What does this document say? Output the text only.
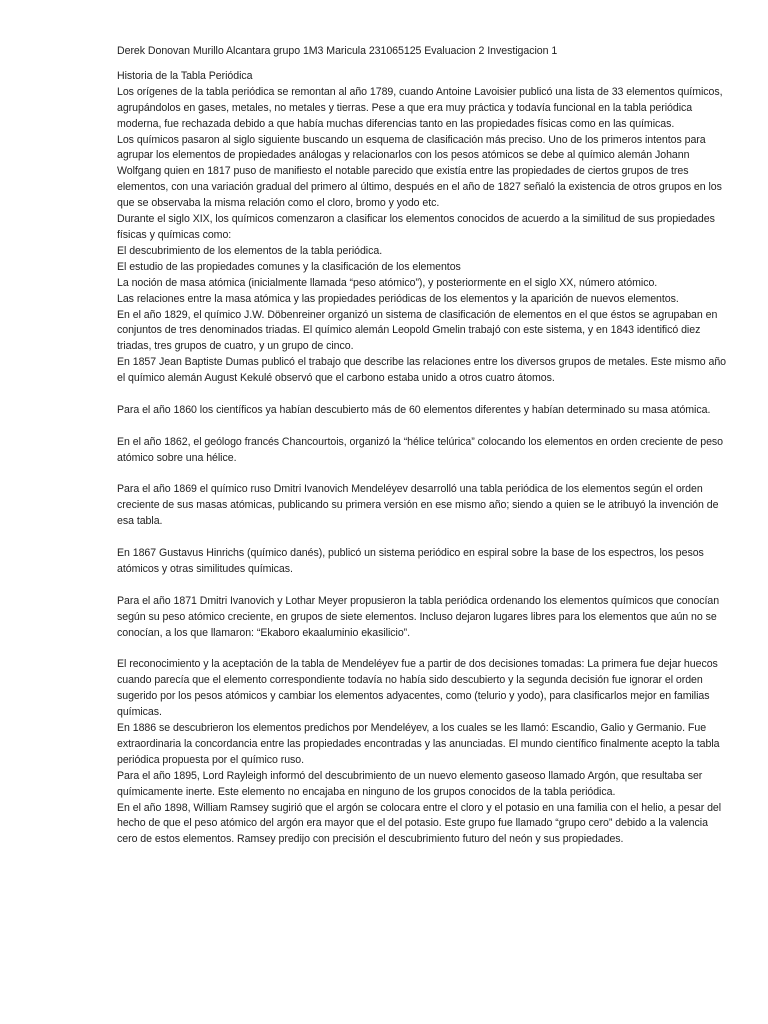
Derek Donovan Murillo Alcantara grupo 1M3 Maricula 231065125 Evaluacion 2 Investigacion 1

Historia de la Tabla Periódica

Los orígenes de la tabla periódica se remontan al año 1789, cuando Antoine Lavoisier publicó una lista de 33 elementos químicos, agrupándolos en gases, metales, no metales y tierras. Pese a que era muy práctica y todavía funcional en la tabla periódica moderna, fue rechazada debido a que había muchas diferencias tanto en las propiedades físicas como en las químicas.

Los químicos pasaron al siglo siguiente buscando un esquema de clasificación más preciso. Uno de los primeros intentos para agrupar los elementos de propiedades análogas y relacionarlos con los pesos atómicos se debe al químico alemán Johann Wolfgang quien en 1817 puso de manifiesto el notable parecido que existía entre las propiedades de ciertos grupos de tres elementos, con una variación gradual del primero al último, después en el año de 1827 señaló la existencia de otros grupos en los que se observaba la misma relación como el cloro, bromo y yodo etc.

Durante el siglo XIX, los químicos comenzaron a clasificar los elementos conocidos de acuerdo a la similitud de sus propiedades físicas y químicas como:

El descubrimiento de los elementos de la tabla periódica.

El estudio de las propiedades comunes y la clasificación de los elementos

La noción de masa atómica (inicialmente llamada “peso atómico”), y posteriormente en el siglo XX, número atómico.

Las relaciones entre la masa atómica y las propiedades periódicas de los elementos y la aparición de nuevos elementos.

En el año 1829, el químico J.W. Döbenreiner organizó un sistema de clasificación de elementos en el que éstos se agrupaban en conjuntos de tres denominados triadas. El químico alemán Leopold Gmelin trabajó con este sistema, y en 1843 identificó diez triadas, tres grupos de cuatro, y un grupo de cinco.

En 1857 Jean Baptiste Dumas publicó el trabajo que describe las relaciones entre los diversos grupos de metales. Este mismo año el químico alemán August Kekulé observó que el carbono estaba unido a otros cuatro átomos.

Para el año 1860 los científicos ya habían descubierto más de 60 elementos diferentes y habían determinado su masa atómica.

En el año 1862, el geólogo francés Chancourtois, organizó la “hélice telúrica” colocando los elementos en orden creciente de peso atómico sobre una hélice.

Para el año 1869 el químico ruso Dmitri Ivanovich Mendeléyev desarrolló una tabla periódica de los elementos según el orden creciente de sus masas atómicas, publicando su primera versión en ese mismo año; siendo a quien se le atribuyó la invención de esa tabla.

En 1867 Gustavus Hinrichs (químico danés), publicó un sistema periódico en espiral sobre la base de los espectros, los pesos atómicos y otras similitudes químicas.

Para el año 1871 Dmitri Ivanovich y Lothar Meyer propusieron la tabla periódica ordenando los elementos químicos que conocían según su peso atómico creciente, en grupos de siete elementos. Incluso dejaron lugares libres para los elementos que aún no se conocían, a los que llamaron: “Ekaboro ekaaluminio ekasilicio”.

El reconocimiento y la aceptación de la tabla de Mendeléyev fue a partir de dos decisiones tomadas: La primera fue dejar huecos cuando parecía que el elemento correspondiente todavía no había sido descubierto y la segunda decisión fue ignorar el orden sugerido por los pesos atómicos y cambiar los elementos adyacentes, como (telurio y yodo), para clasificarlos mejor en familias químicas.

En 1886 se descubrieron los elementos predichos por Mendeléyev, a los cuales se les llamó: Escandio, Galio y Germanio. Fue extraordinaria la concordancia entre las propiedades encontradas y las anunciadas. El mundo científico finalmente acepto la tabla periódica propuesta por el químico ruso.

Para el año 1895, Lord Rayleigh informó del descubrimiento de un nuevo elemento gaseoso llamado Argón, que resultaba ser químicamente inerte. Este elemento no encajaba en ninguno de los grupos conocidos de la tabla periódica.

En el año 1898, William Ramsey sugirió que el argón se colocara entre el cloro y el potasio en una familia con el helio, a pesar del hecho de que el peso atómico del argón era mayor que el del potasio. Este grupo fue llamado “grupo cero” debido a la valencia cero de estos elementos. Ramsey predijo con precisión el descubrimiento futuro del neón y sus propiedades.
